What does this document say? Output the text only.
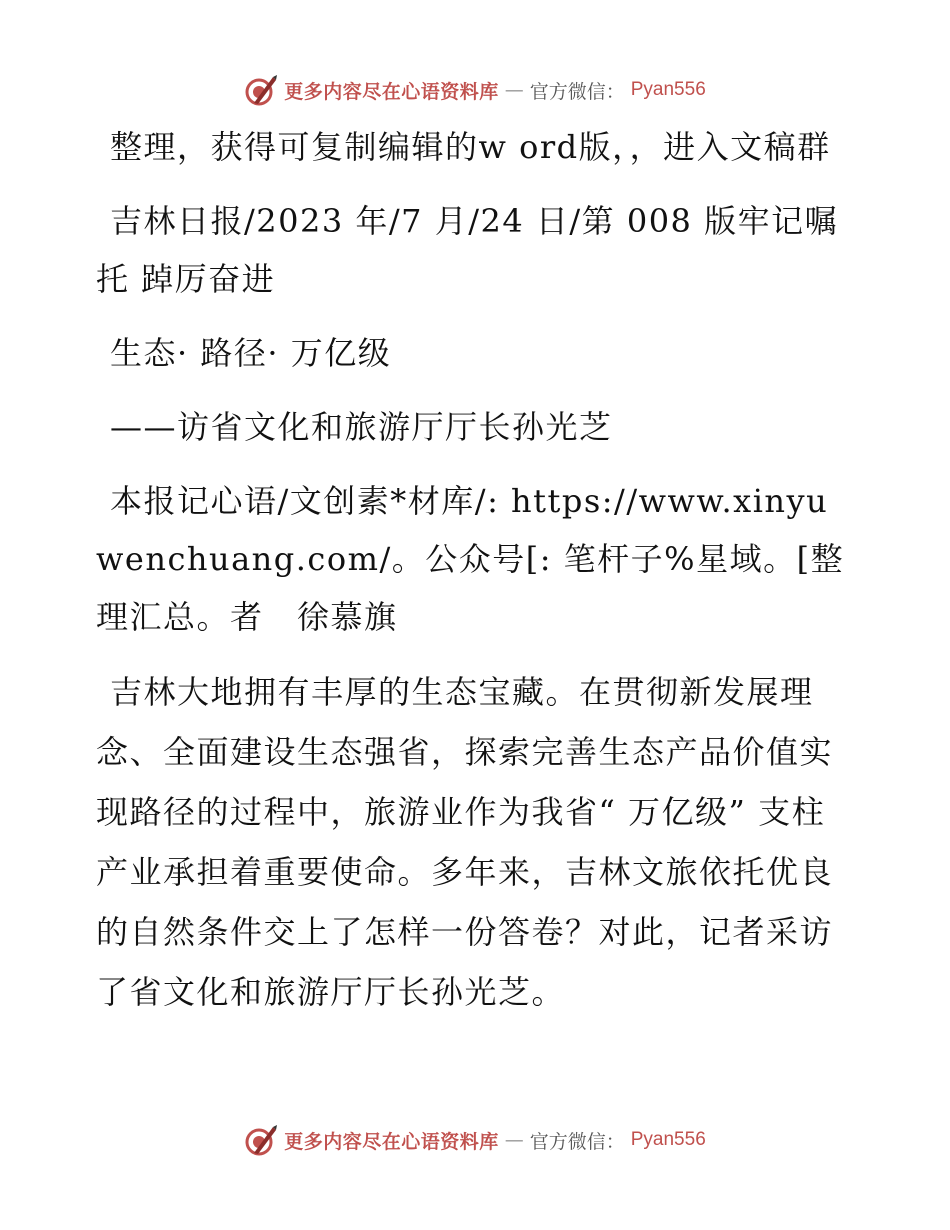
更多内容尽在心语资料库 — 官方微信： Pyan556

整理，获得可复制编辑的w ord版，，进入文稿群

吉林日报/2023 年/7 月/24 日/第 008 版牢记嘱托 踔厉奋进

生态· 路径· 万亿级

——访省文化和旅游厅厅长孙光芝

本报记心语/文创素*材库/: https://www.xinyuwenchuang.com/。公众号[: 笔杆子%星域。[整理汇总。者　徐慕旗

吉林大地拥有丰厚的生态宝藏。在贯彻新发展理念、全面建设生态强省，探索完善生态产品价值实现路径的过程中，旅游业作为我省“ 万亿级” 支柱产业承担着重要使命。多年来，吉林文旅依托优良的自然条件交上了怎样一份答卷？对此，记者采访了省文化和旅游厅厅长孙光芝。

更多内容尽在心语资料库 — 官方微信： Pyan556
